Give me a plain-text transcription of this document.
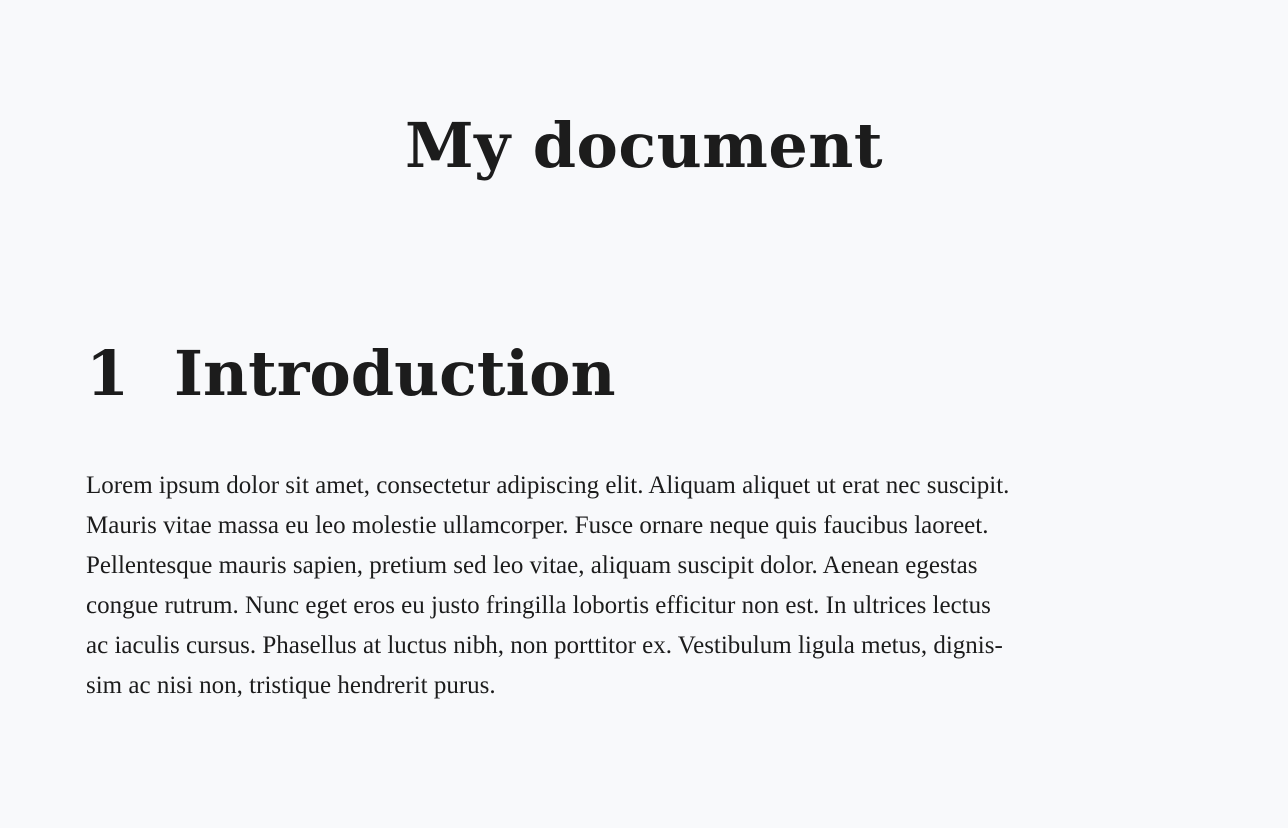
My document
1 Introduction

Lorem ipsum dolor sit amet, consectetur adipiscing elit. Aliquam aliquet ut erat nec suscipit.
Mauris vitae massa eu leo molestie ullamcorper. Fusce ornare neque quis faucibus laoreet.
Pellentesque mauris sapien, pretium sed leo vitae, aliquam suscipit dolor. Aenean egestas
congue rutrum. Nunc eget eros eu justo fringilla lobortis efficitur non est. In ultrices lectus
ac iaculis cursus. Phasellus at luctus nibh, non porttitor ex. Vestibulum ligula metus, dignis-
sim ac nisi non, tristique hendrerit purus.
